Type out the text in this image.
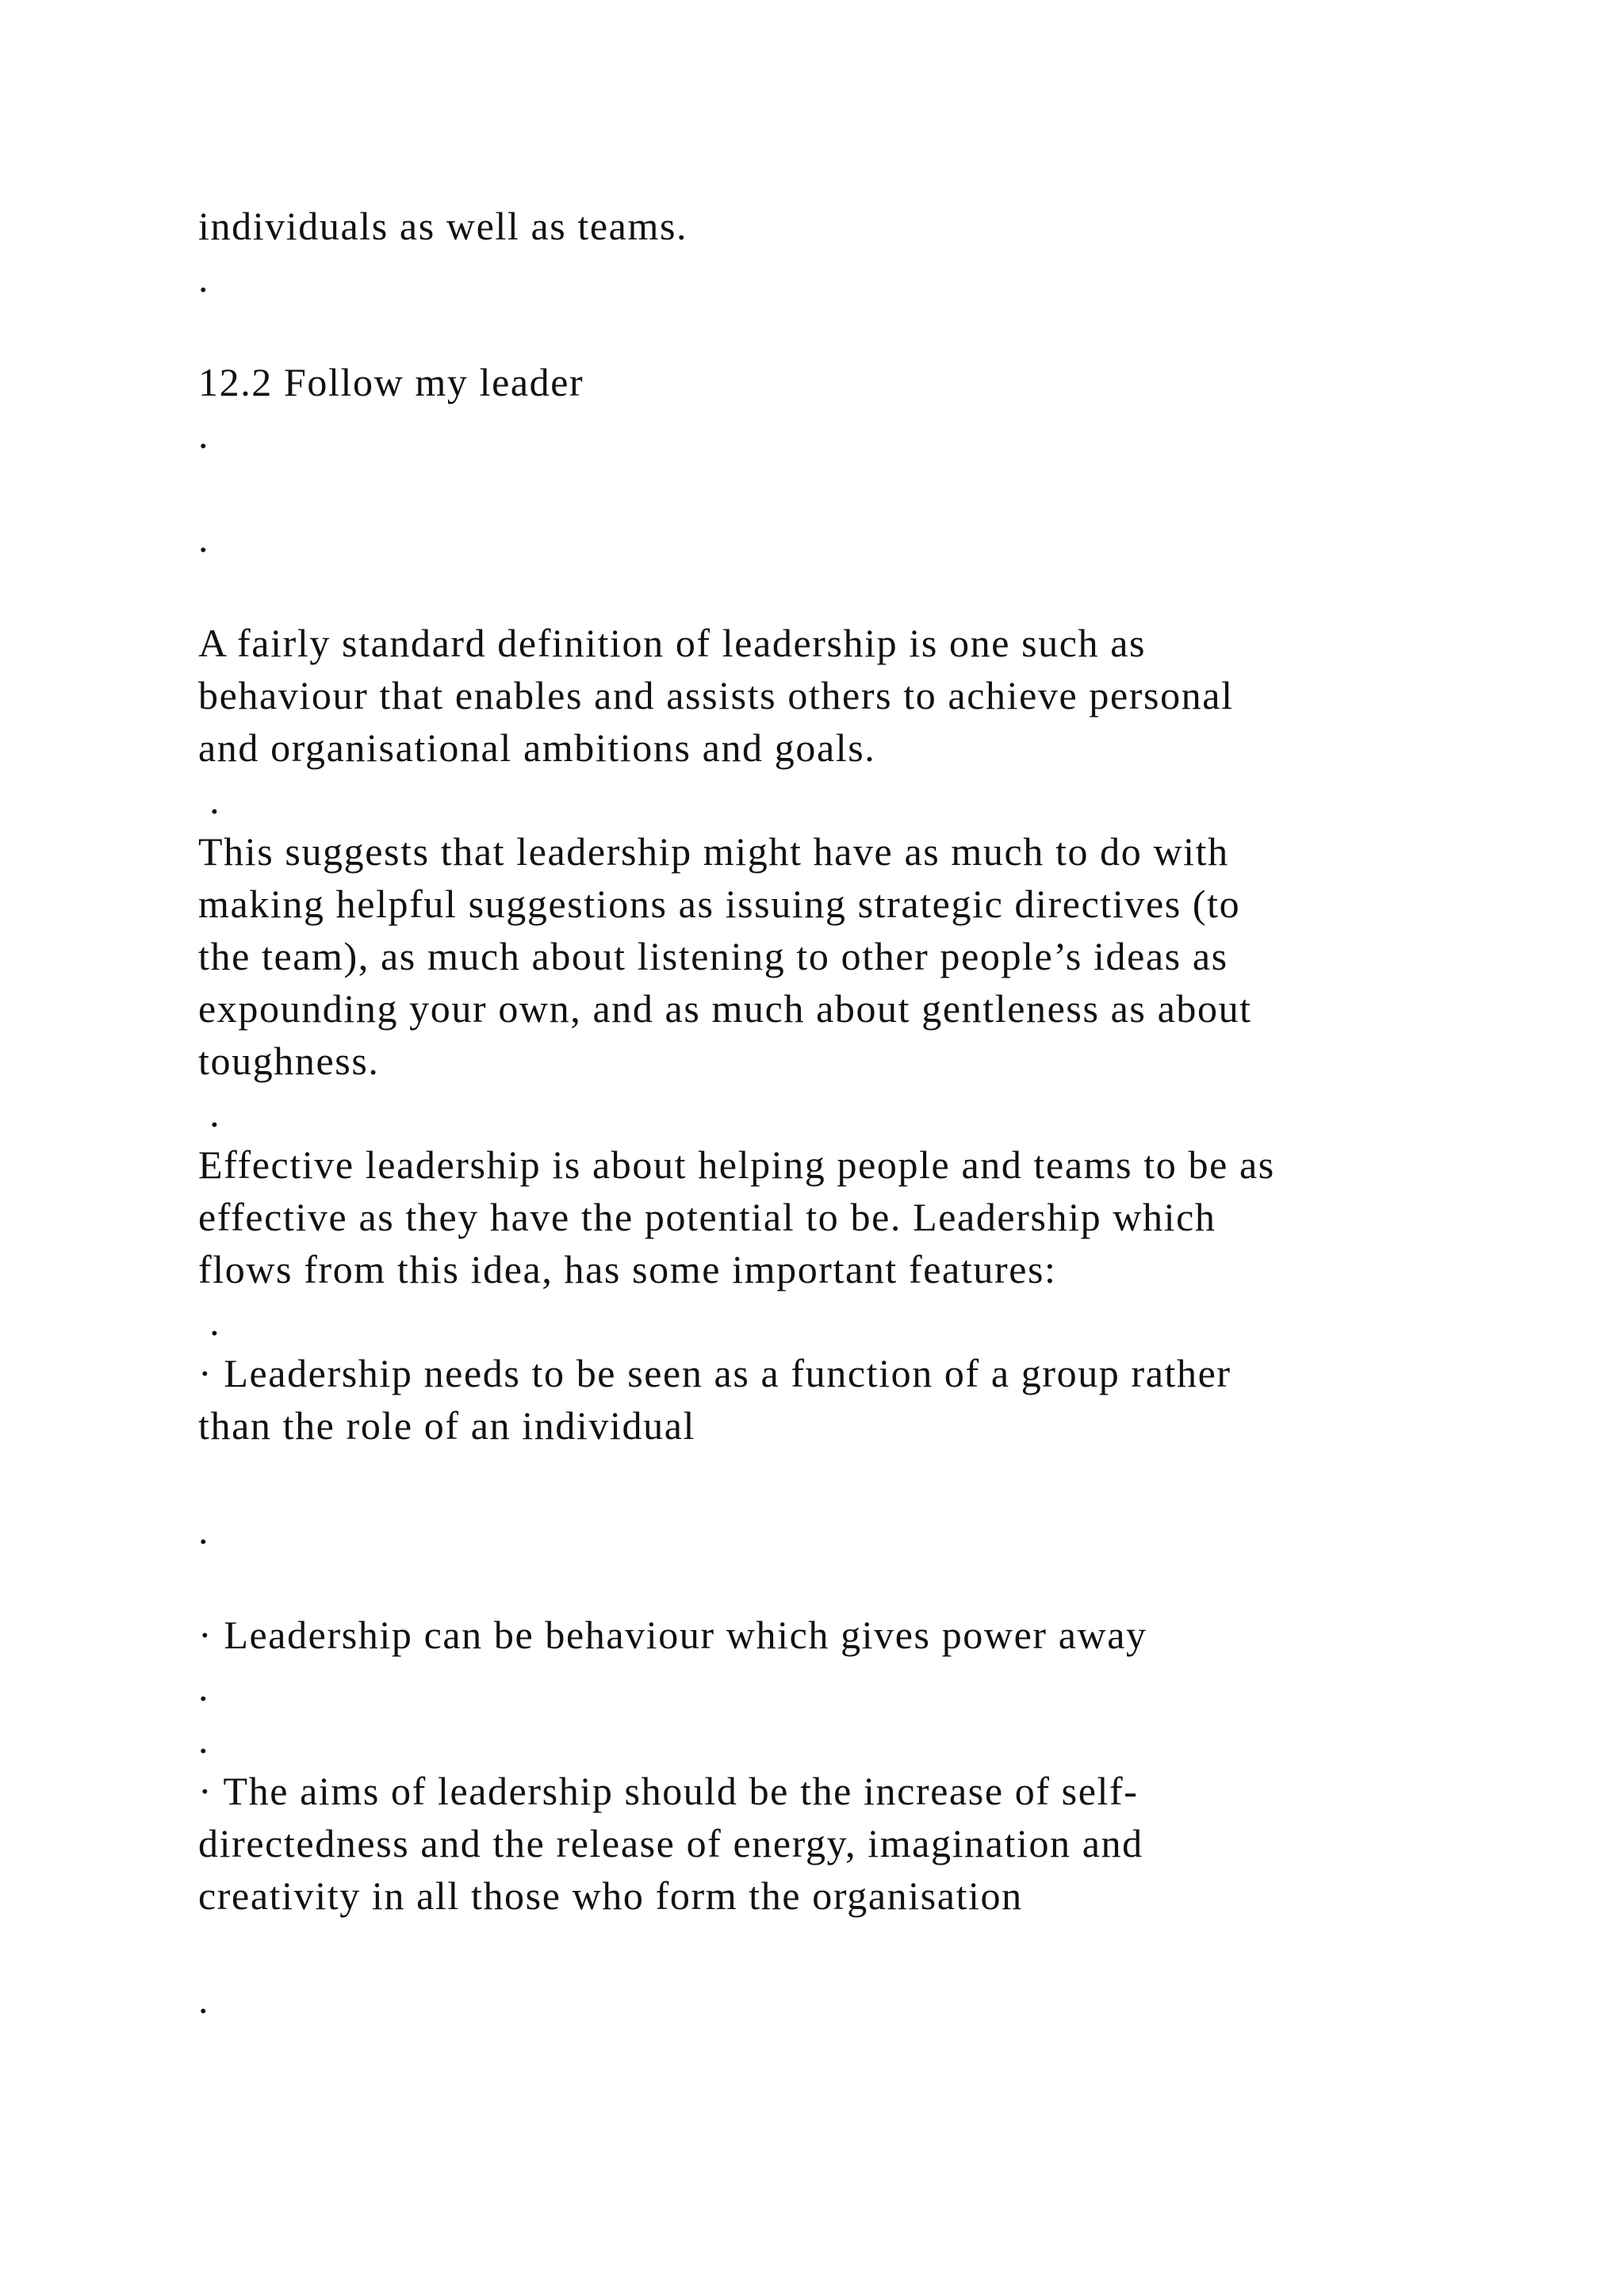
individuals as well as teams.
.
12.2 Follow my leader
.
.
A fairly standard definition of leadership is one such as
behaviour that enables and assists others to achieve personal
and organisational ambitions and goals.
.
This suggests that leadership might have as much to do with
making helpful suggestions as issuing strategic directives (to
the team), as much about listening to other people’s ideas as
expounding your own, and as much about gentleness as about
toughness.
.
Effective leadership is about helping people and teams to be as
effective as they have the potential to be. Leadership which
flows from this idea, has some important features:
.
· Leadership needs to be seen as a function of a group rather
than the role of an individual
.
· Leadership can be behaviour which gives power away
.
.
· The aims of leadership should be the increase of self-
directedness and the release of energy, imagination and
creativity in all those who form the organisation
.
